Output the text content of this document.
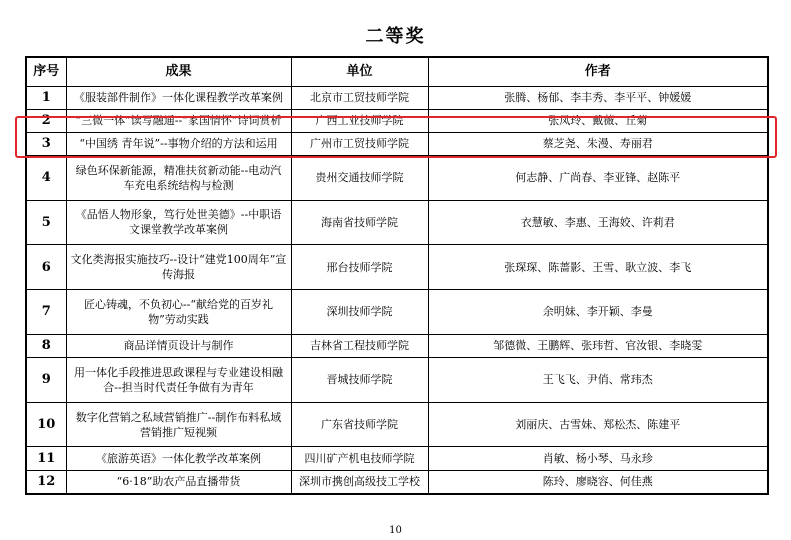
二等奖
序号	成果	单位	作者
1	《服装部件制作》一体化课程教学改革案例	北京市工贸技师学院	张腾、杨郁、李丰秀、李平平、钟媛媛
2	“三微一体”读写融通--“家国情怀”诗词赏析	广西工业技师学院	张凤玲、戴薇、丘菊
3	“中国绣 青年说”--事物介绍的方法和运用	广州市工贸技师学院	蔡芝尧、朱漫、寿丽君
4	绿色环保新能源，精准扶贫新动能--电动汽车充电系统结构与检测	贵州交通技师学院	何志静、广尚春、李亚锋、赵陈平
5	《品悟人物形象，笃行处世美德》--中职语文课堂教学改革案例	海南省技师学院	衣慧敏、李惠、王海姣、许莉君
6	文化类海报实施技巧--设计“建党100周年”宣传海报	邢台技师学院	张琛琛、陈蔷影、王雪、耿立波、李飞
7	匠心铸魂，不负初心--“献给党的百岁礼物”劳动实践	深圳技师学院	余明妹、李开颖、李曼
8	商品详情页设计与制作	吉林省工程技师学院	邹德微、王鹏辉、张玮哲、官汝银、李晓雯
9	用一体化手段推进思政课程与专业建设相融合--担当时代责任争做有为青年	晋城技师学院	王飞飞、尹俏、常玮杰
10	数字化营销之私域营销推广--制作布料私域营销推广短视频	广东省技师学院	刘丽庆、古雪妹、郑松杰、陈建平
11	《旅游英语》一体化教学改革案例	四川矿产机电技师学院	肖敏、杨小琴、马永珍
12	“6·18”助农产品直播带货	深圳市携创高级技工学校	陈玲、廖晓容、何佳燕
10
